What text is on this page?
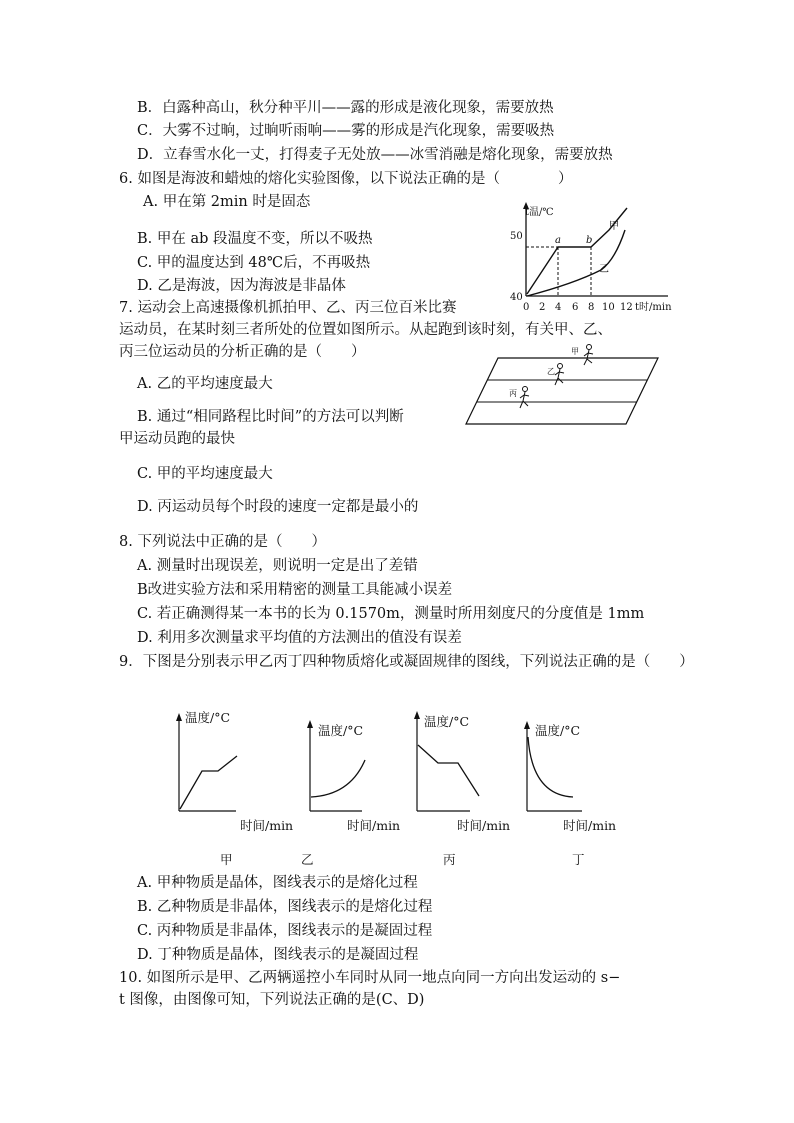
B．白露种高山，秋分种平川——露的形成是液化现象，需要放热
C．大雾不过晌，过晌听雨响——雾的形成是汽化现象，需要吸热
D．立春雪水化一丈，打得麦子无处放——冰雪消融是熔化现象，需要放热
6. 如图是海波和蜡烛的熔化实验图像，以下说法正确的是（　　　　）
A. 甲在第 2min 时是固态
B. 甲在 ab 段温度不变，所以不吸热
C. 甲的温度达到 48℃后，不再吸热
D. 乙是海波，因为海波是非晶体
t温/℃
t时/min
50
40
0 2 4 6 8 10 12
a	b
甲
乙
7. 运动会上高速摄像机抓拍甲、乙、丙三位百米比赛
运动员，在某时刻三者所处的位置如图所示。从起跑到该时刻，有关甲、乙、
丙三位运动员的分析正确的是（　　）	甲
乙
丙
A. 乙的平均速度最大
B. 通过“相同路程比时间”的方法可以判断
甲运动员跑的最快
C. 甲的平均速度最大
D. 丙运动员每个时段的速度一定都是最小的
8. 下列说法中正确的是（　　）
A. 测量时出现误差，则说明一定是出了差错
B改进实验方法和采用精密的测量工具能减小误差
C. 若正确测得某一本书的长为 0.1570m，测量时所用刻度尺的分度值是 1mm
D. 利用多次测量求平均值的方法测出的值没有误差
9．下图是分别表示甲乙丙丁四种物质熔化或凝固规律的图线，下列说法正确的是（　　）
温度/°C
时间/min
温度/°C
时间/min
温度/°C
时间/min
温度/°C
时间/min
甲	乙	丙	丁
A. 甲种物质是晶体，图线表示的是熔化过程
B. 乙种物质是非晶体，图线表示的是熔化过程
C. 丙种物质是非晶体，图线表示的是凝固过程
D. 丁种物质是晶体，图线表示的是凝固过程
10. 如图所示是甲、乙两辆遥控小车同时从同一地点向同一方向出发运动的 s−
t 图像，由图像可知，下列说法正确的是(C、D)
